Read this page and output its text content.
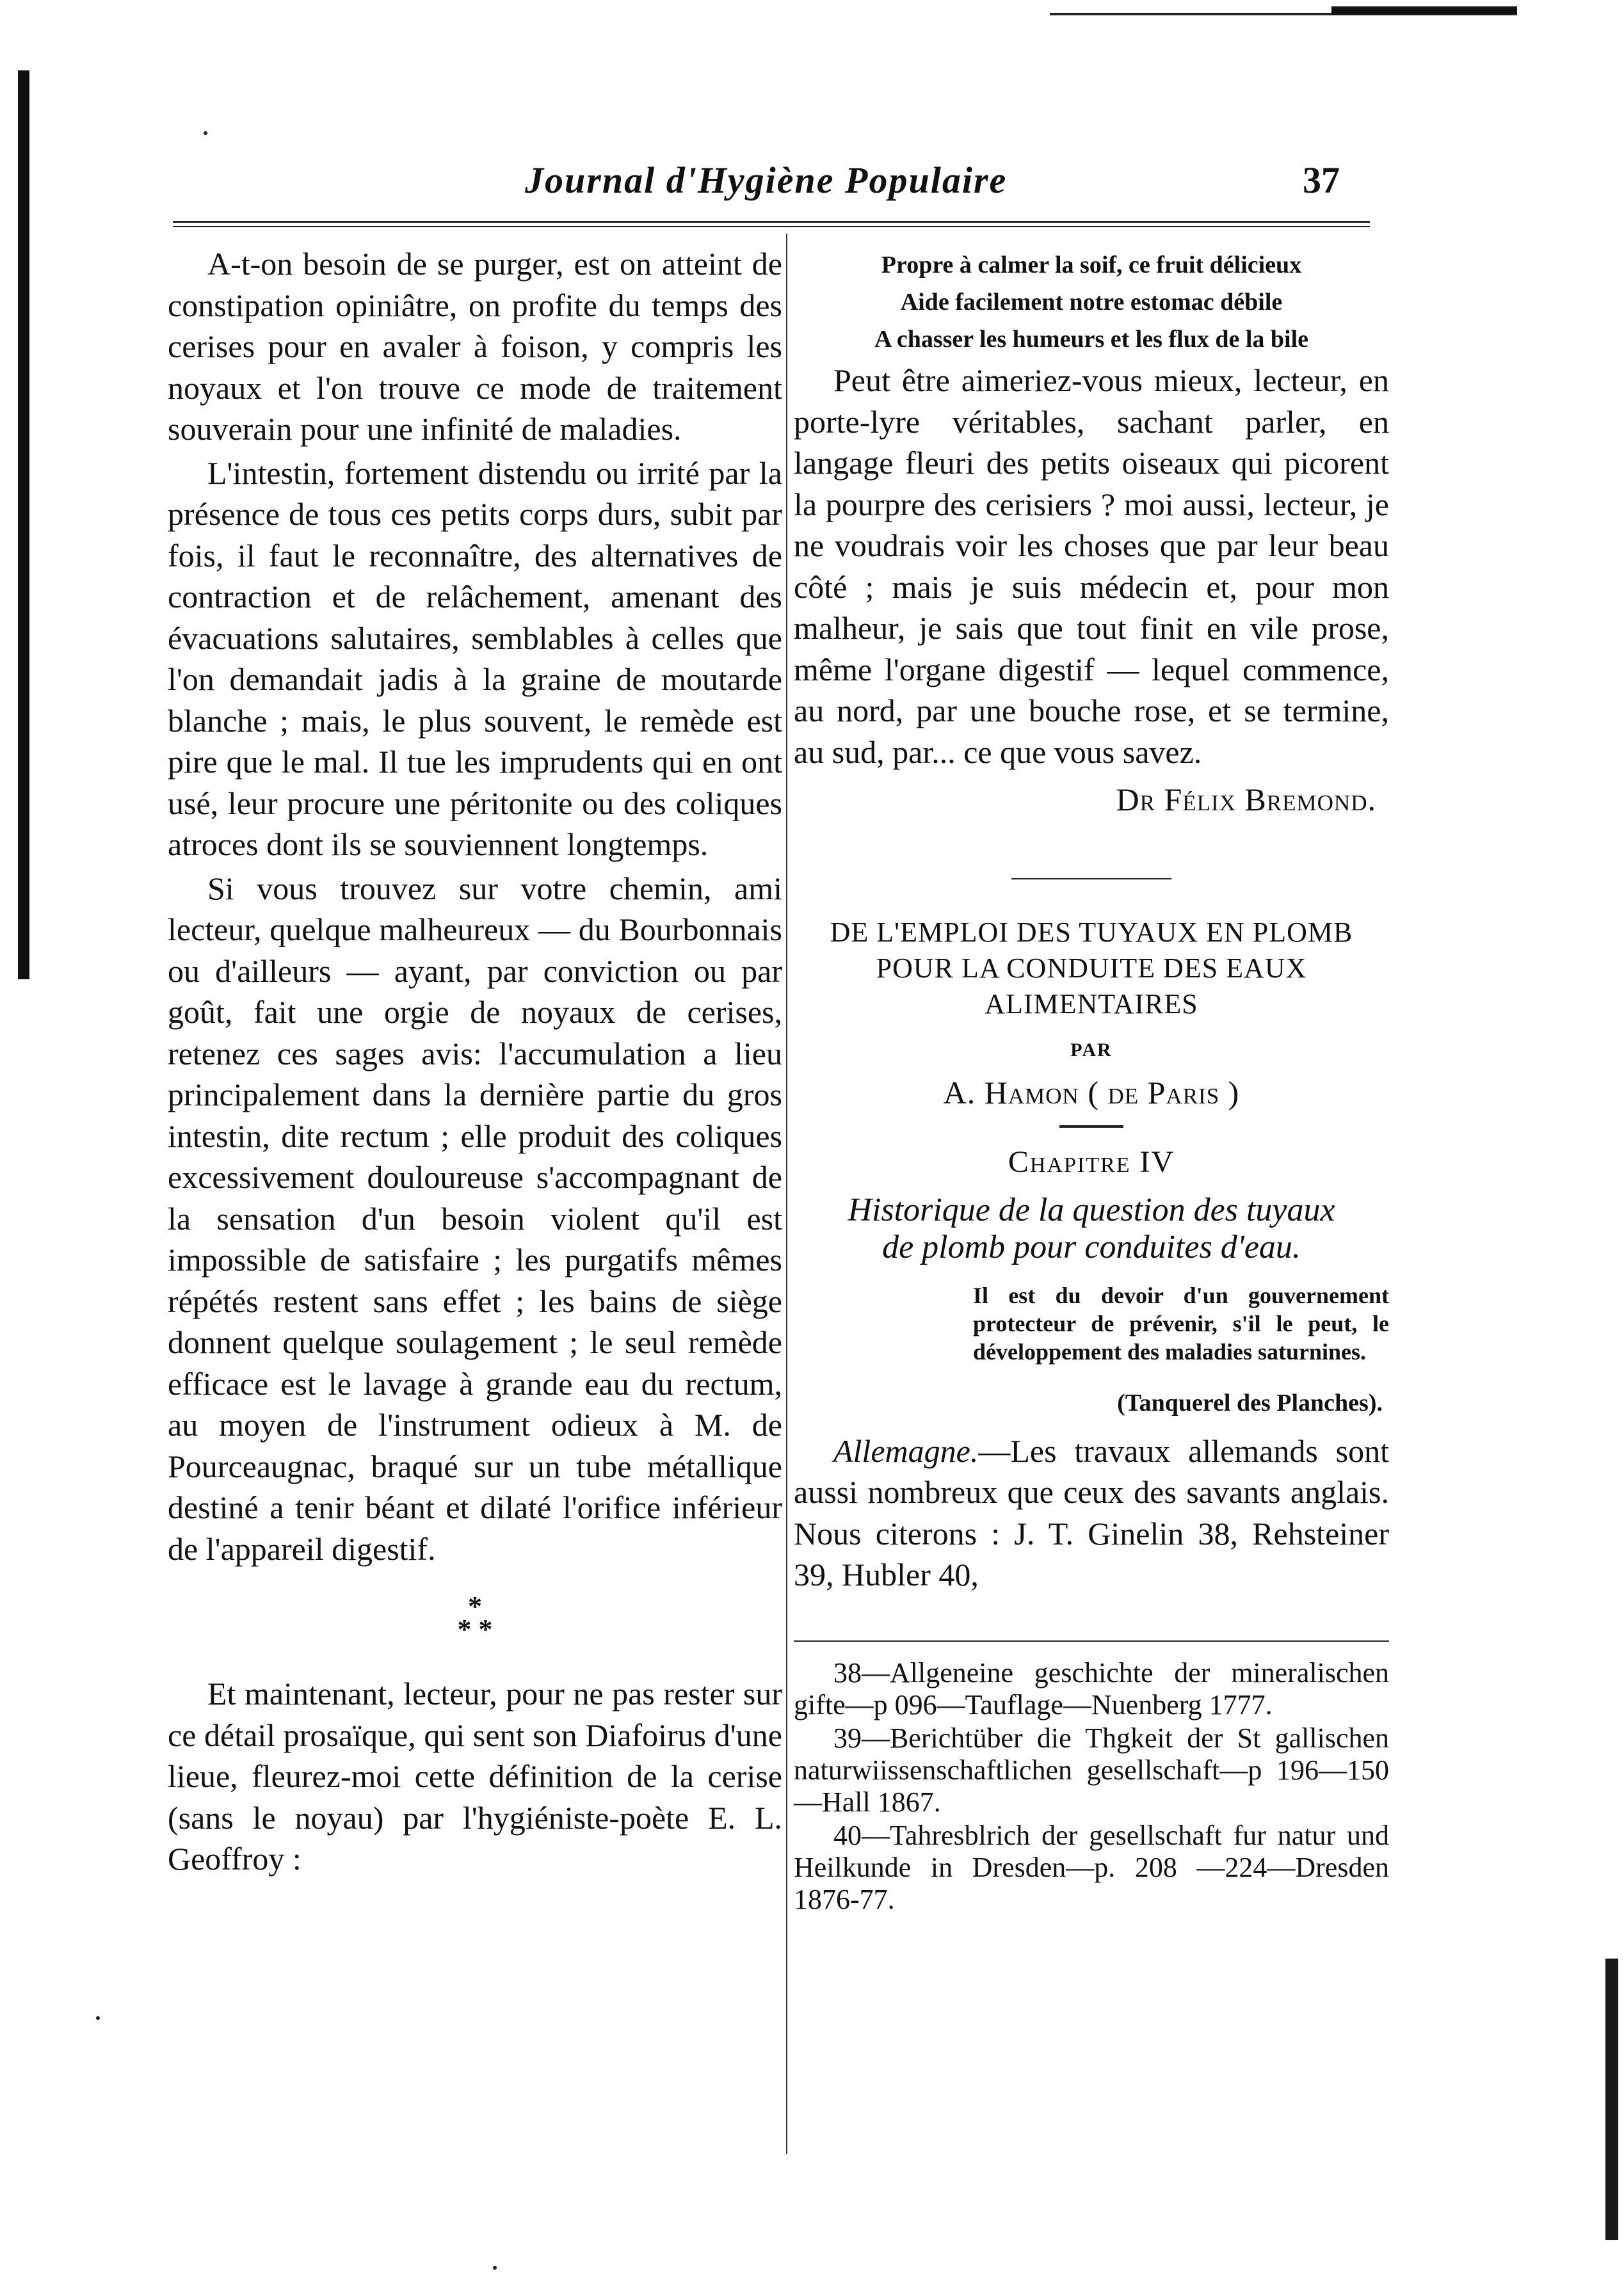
Journal d'Hygiène Populaire	37

A-t-on besoin de se purger, est on atteint de constipation opiniâtre, on profite du temps des cerises pour en avaler à foison, y compris les noyaux et l'on trouve ce mode de traitement souverain pour une infinité de maladies.

L'intestin, fortement distendu ou irrité par la présence de tous ces petits corps durs, subit par fois, il faut le reconnaître, des alternatives de contraction et de relâchement, amenant des évacuations salutaires, semblables à celles que l'on demandait jadis à la graine de moutarde blanche ; mais, le plus souvent, le remède est pire que le mal. Il tue les imprudents qui en ont usé, leur procure une péritonite ou des coliques atroces dont ils se souviennent longtemps.

Si vous trouvez sur votre chemin, ami lecteur, quelque malheureux — du Bourbonnais ou d'ailleurs — ayant, par conviction ou par goût, fait une orgie de noyaux de cerises, retenez ces sages avis: l'accumulation a lieu principalement dans la dernière partie du gros intestin, dite rectum ; elle produit des coliques excessivement douloureuse s'accompagnant de la sensation d'un besoin violent qu'il est impossible de satisfaire ; les purgatifs mêmes répétés restent sans effet ; les bains de siège donnent quelque soulagement ; le seul remède efficace est le lavage à grande eau du rectum, au moyen de l'instrument odieux à M. de Pourceaugnac, braqué sur un tube métallique destiné a tenir béant et dilaté l'orifice inférieur de l'appareil digestif.

*
* *

Et maintenant, lecteur, pour ne pas rester sur ce détail prosaïque, qui sent son Diafoirus d'une lieue, fleurez-moi cette définition de la cerise (sans le noyau) par l'hygiéniste-poète E. L. Geoffroy :

Propre à calmer la soif, ce fruit délicieux
Aide facilement notre estomac débile
A chasser les humeurs et les flux de la bile

Peut être aimeriez-vous mieux, lecteur, en porte-lyre véritables, sachant parler, en langage fleuri des petits oiseaux qui picorent la pourpre des cerisiers ? moi aussi, lecteur, je ne voudrais voir les choses que par leur beau côté ; mais je suis médecin et, pour mon malheur, je sais que tout finit en vile prose, même l'organe digestif — lequel commence, au nord, par une bouche rose, et se termine, au sud, par... ce que vous savez.

Dr Félix Bremond.

DE L'EMPLOI DES TUYAUX EN PLOMB

POUR LA CONDUITE DES EAUX

ALIMENTAIRES

PAR

A. Hamon ( de Paris )

Chapitre IV

Historique de la question des tuyaux

de plomb pour conduites d'eau.

Il est du devoir d'un gouvernement protecteur de prévenir, s'il le peut, le développement des maladies saturnines.
(Tanquerel des Planches).

Allemagne.—Les travaux allemands sont aussi nombreux que ceux des savants anglais. Nous citerons : J. T. Ginelin 38, Rehsteiner 39, Hubler 40,

38—Allgeneine geschichte der mineralischen gifte—p 096—Tauflage—Nuenberg 1777.

39—Berichtüber die Thgkeit der St gallischen naturwiissenschaftlichen gesellschaft—p 196—150 —Hall 1867.

40—Tahresblrich der gesellschaft fur natur und Heilkunde in Dresden—p. 208 —224—Dresden 1876-77.
